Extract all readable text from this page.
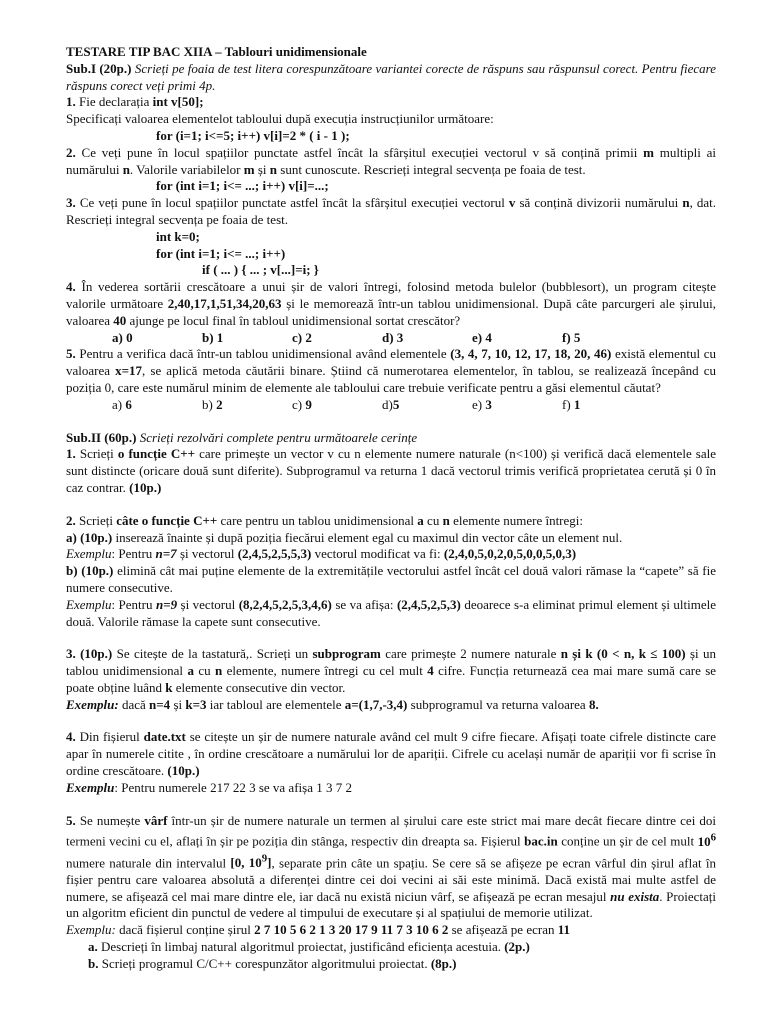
TESTARE TIP BAC XIIA – Tablouri unidimensionale

Sub.I (20p.) Scrieți pe foaia de test litera corespunzătoare variantei corecte de răspuns sau răspunsul corect. Pentru fiecare răspuns corect veți primi 4p.

1. Fie declarația int v[50];

Specificați valoarea elementelot tabloului după execuția instrucțiunilor următoare:

for (i=1; i<=5; i++) v[i]=2 * ( i - 1 );

2. Ce veți pune în locul spațiilor punctate astfel încât la sfârșitul execuției vectorul v să conțină primii m multipli ai numărului n. Valorile variabilelor m și n sunt cunoscute. Rescrieți integral secvența pe foaia de test.

for (int i=1; i<= ...; i++) v[i]=...;

3. Ce veți pune în locul spațiilor punctate astfel încât la sfârșitul execuției vectorul v să conțină divizorii numărului n, dat. Rescrieți integral secvența pe foaia de test.

int k=0;

for (int i=1; i<= ...; i++)

if ( ... ) { ... ; v[...]=i; }

4. În vederea sortării crescătoare a unui șir de valori întregi, folosind metoda bulelor (bubblesort), un program citește valorile următoare 2,40,17,1,51,34,20,63 și le memorează într-un tablou unidimensional. După câte parcurgeri ale șirului, valoarea 40 ajunge pe locul final în tabloul unidimensional sortat crescător?

a) 0	b) 1	c) 2	d) 3	e) 4	f) 5

5. Pentru a verifica dacă într-un tablou unidimensional având elementele (3, 4, 7, 10, 12, 17, 18, 20, 46) există elementul cu valoarea x=17, se aplică metoda căutării binare. Știind că numerotarea elementelor, în tablou, se realizează începând cu poziția 0, care este numărul minim de elemente ale tabloului care trebuie verificate pentru a găsi elementul căutat?

a) 6	b) 2	c) 9	d)5	e) 3	f) 1

Sub.II (60p.) Scrieți rezolvări complete pentru următoarele cerințe

1. Scrieți o funcție C++ care primește un vector v cu n elemente numere naturale (n<100) și verifică dacă elementele sale sunt distincte (oricare două sunt diferite). Subprogramul va returna 1 dacă vectorul trimis verifică proprietatea cerută și 0 în caz contrar. (10p.)

2. Scrieți câte o funcție C++ care pentru un tablou unidimensional a cu n elemente numere întregi:

a) (10p.) inserează înainte și după poziția fiecărui element egal cu maximul din vector câte un element nul.

Exemplu: Pentru n=7 și vectorul (2,4,5,2,5,5,3) vectorul modificat va fi: (2,4,0,5,0,2,0,5,0,0,5,0,3)

b) (10p.) elimină cât mai puține elemente de la extremitățile vectorului astfel încât cel două valori rămase la “capete” să fie numere consecutive.

Exemplu: Pentru n=9 și vectorul (8,2,4,5,2,5,3,4,6) se va afișa: (2,4,5,2,5,3) deoarece s-a eliminat primul element și ultimele două. Valorile rămase la capete sunt consecutive.

3. (10p.) Se citește de la tastatură,. Scrieți un subprogram care primește 2 numere naturale n și k (0 < n, k ≤ 100) și un tablou unidimensional a cu n elemente, numere întregi cu cel mult 4 cifre. Funcția returnează cea mai mare sumă care se poate obține luând k elemente consecutive din vector.

Exemplu: dacă n=4 și k=3 iar tabloul are elementele a=(1,7,-3,4) subprogramul va returna valoarea 8.

4. Din fișierul date.txt se citește un șir de numere naturale având cel mult 9 cifre fiecare. Afișați toate cifrele distincte care apar în numerele citite , în ordine crescătoare a numărului lor de apariții. Cifrele cu același număr de apariții vor fi scrise în ordine crescătoare. (10p.)

Exemplu: Pentru numerele 217 22 3 se va afișa 1 3 7 2

5. Se numește vârf într-un șir de numere naturale un termen al șirului care este strict mai mare decât fiecare dintre cei doi termeni vecini cu el, aflați în șir pe poziția din stânga, respectiv din dreapta sa. Fișierul bac.in conține un șir de cel mult $10^6$ numere naturale din intervalul [0, $10^9$], separate prin câte un spațiu. Se cere să se afișeze pe ecran vârful din șirul aflat în fișier pentru care valoarea absolută a diferenței dintre cei doi vecini ai săi este minimă. Dacă există mai multe astfel de numere, se afișează cel mai mare dintre ele, iar dacă nu există niciun vârf, se afișează pe ecran mesajul nu exista. Proiectați un algoritm eficient din punctul de vedere al timpului de executare și al spațiului de memorie utilizat.

Exemplu: dacă fișierul conține șirul 2 7 10 5 6 2 1 3 20 17 9 11 7 3 10 6 2 se afișează pe ecran 11

a. Descrieți în limbaj natural algoritmul proiectat, justificând eficiența acestuia. (2p.)

b. Scrieți programul C/C++ corespunzător algoritmului proiectat. (8p.)
